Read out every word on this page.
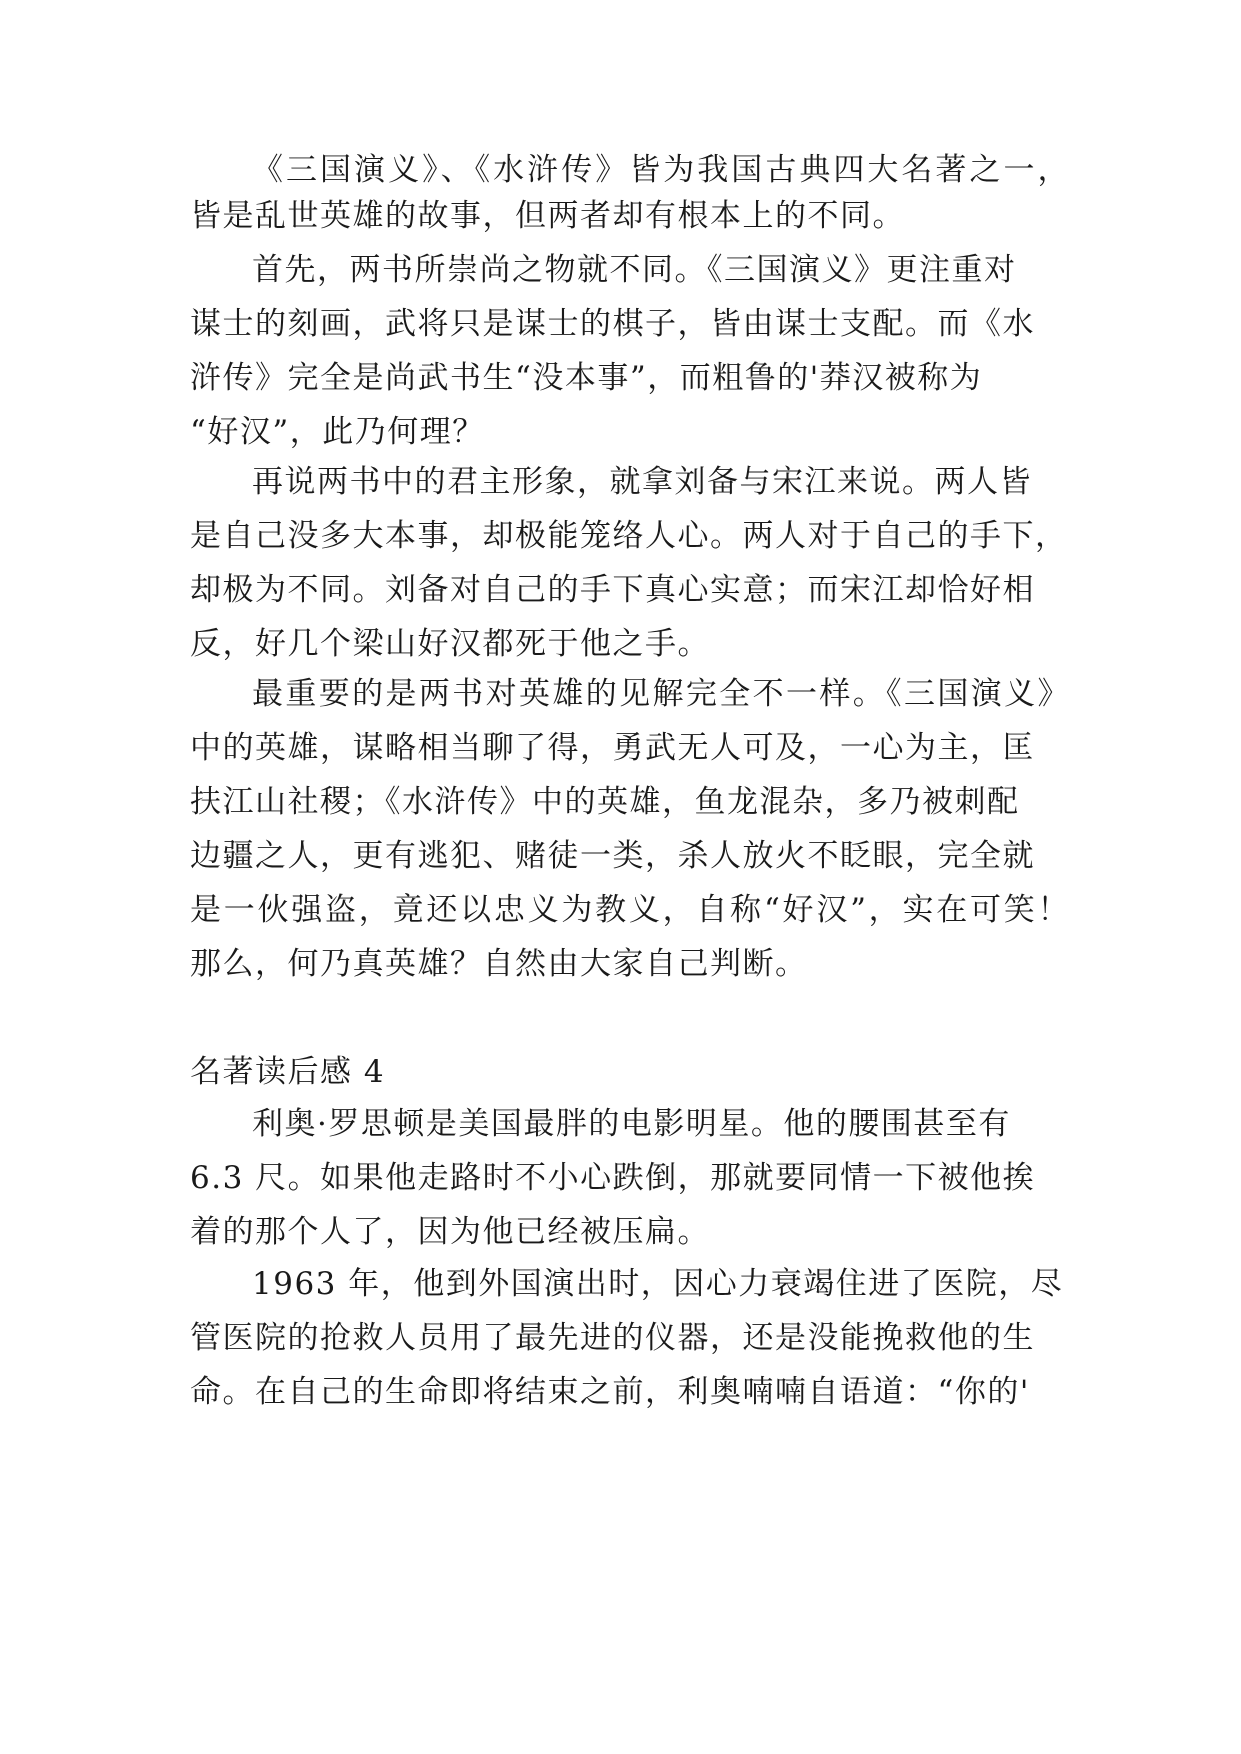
《三国演义》、《水浒传》皆为我国古典四大名著之一，
皆是乱世英雄的故事，但两者却有根本上的不同。
首先，两书所崇尚之物就不同。《三国演义》更注重对
谋士的刻画，武将只是谋士的棋子，皆由谋士支配。而《水
浒传》完全是尚武书生“没本事”，而粗鲁的'莽汉被称为
“好汉”，此乃何理？
再说两书中的君主形象，就拿刘备与宋江来说。两人皆
是自己没多大本事，却极能笼络人心。两人对于自己的手下，
却极为不同。刘备对自己的手下真心实意；而宋江却恰好相
反，好几个梁山好汉都死于他之手。
最重要的是两书对英雄的见解完全不一样。《三国演义》
中的英雄，谋略相当聊了得，勇武无人可及，一心为主，匡
扶江山社稷；《水浒传》中的英雄，鱼龙混杂，多乃被刺配
边疆之人，更有逃犯、赌徒一类，杀人放火不眨眼，完全就
是一伙强盗，竟还以忠义为教义，自称“好汉”，实在可笑！
那么，何乃真英雄？自然由大家自己判断。
名著读后感 4
利奥·罗思顿是美国最胖的电影明星。他的腰围甚至有
6.3 尺。如果他走路时不小心跌倒，那就要同情一下被他挨
着的那个人了，因为他已经被压扁。
1963 年，他到外国演出时，因心力衰竭住进了医院，尽
管医院的抢救人员用了最先进的仪器，还是没能挽救他的生
命。在自己的生命即将结束之前，利奥喃喃自语道：“你的'
